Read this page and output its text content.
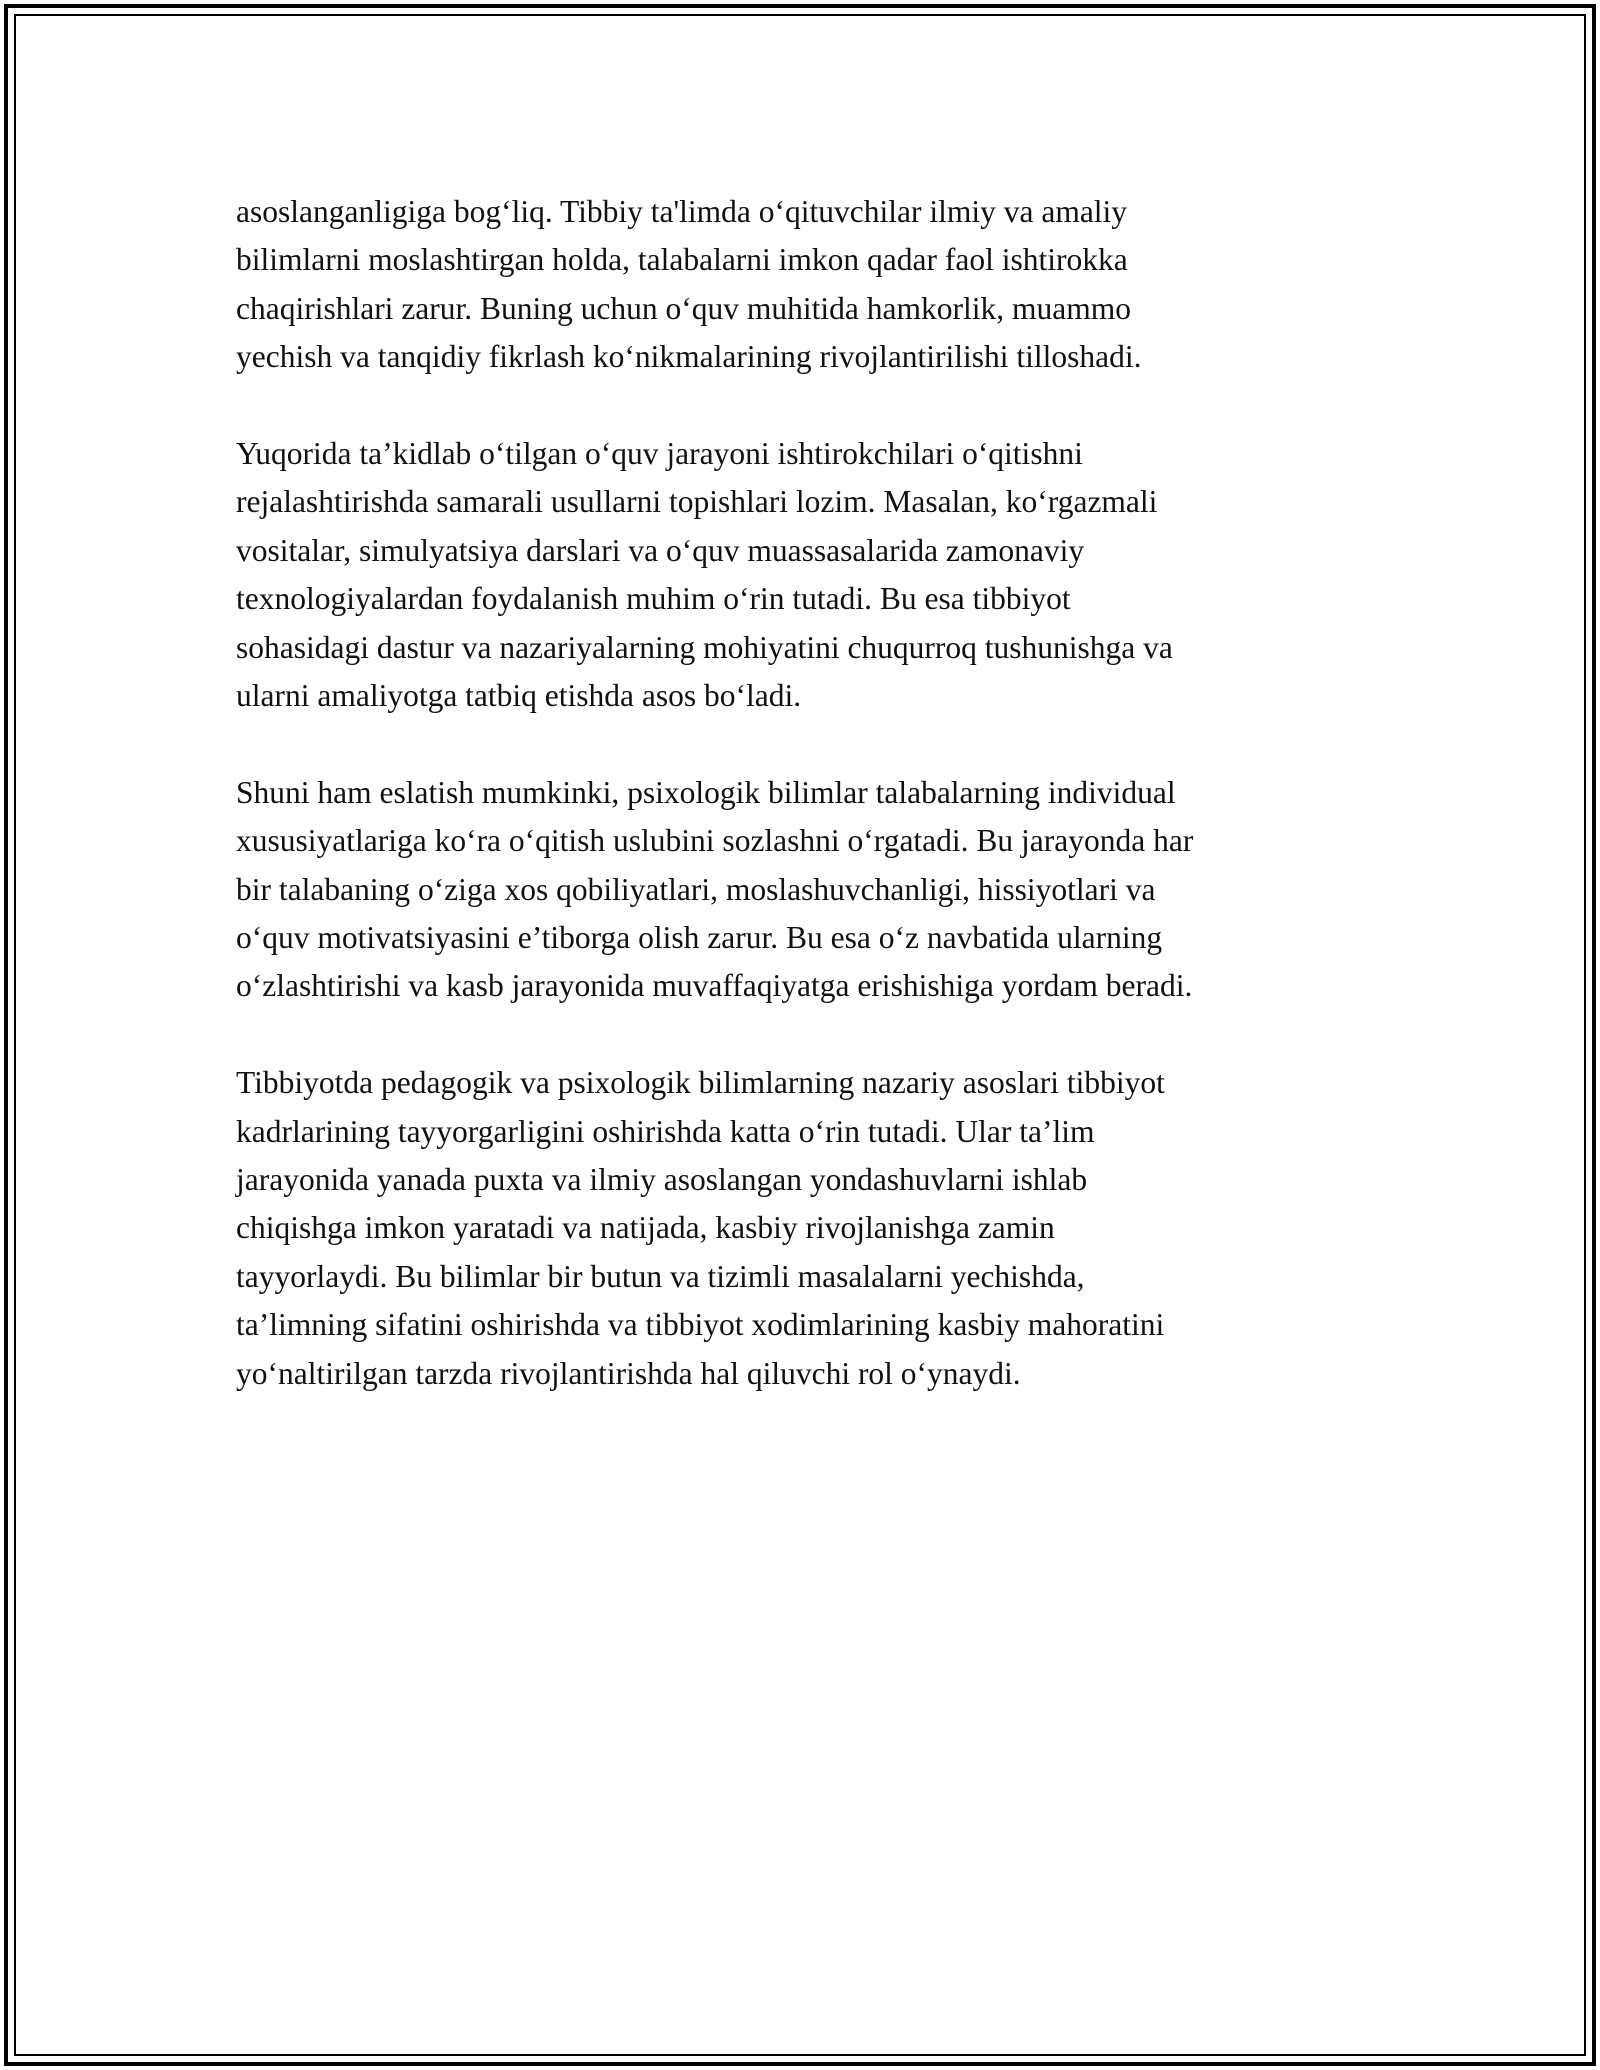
asoslanganligiga bog‘liq. Tibbiy ta'limda o‘qituvchilar ilmiy va amaliy
bilimlarni moslashtirgan holda, talabalarni imkon qadar faol ishtirokka
chaqirishlari zarur. Buning uchun o‘quv muhitida hamkorlik, muammo
yechish va tanqidiy fikrlash ko‘nikmalarining rivojlantirilishi tilloshadi.

Yuqorida ta’kidlab o‘tilgan o‘quv jarayoni ishtirokchilari o‘qitishni
rejalashtirishda samarali usullarni topishlari lozim. Masalan, ko‘rgazmali
vositalar, simulyatsiya darslari va o‘quv muassasalarida zamonaviy
texnologiyalardan foydalanish muhim o‘rin tutadi. Bu esa tibbiyot
sohasidagi dastur va nazariyalarning mohiyatini chuqurroq tushunishga va
ularni amaliyotga tatbiq etishda asos bo‘ladi.

Shuni ham eslatish mumkinki, psixologik bilimlar talabalarning individual
xususiyatlariga ko‘ra o‘qitish uslubini sozlashni o‘rgatadi. Bu jarayonda har
bir talabaning o‘ziga xos qobiliyatlari, moslashuvchanligi, hissiyotlari va
o‘quv motivatsiyasini e’tiborga olish zarur. Bu esa o‘z navbatida ularning
o‘zlashtirishi va kasb jarayonida muvaffaqiyatga erishishiga yordam beradi.

Tibbiyotda pedagogik va psixologik bilimlarning nazariy asoslari tibbiyot
kadrlarining tayyorgarligini oshirishda katta o‘rin tutadi. Ular ta’lim
jarayonida yanada puxta va ilmiy asoslangan yondashuvlarni ishlab
chiqishga imkon yaratadi va natijada, kasbiy rivojlanishga zamin
tayyorlaydi. Bu bilimlar bir butun va tizimli masalalarni yechishda,
ta’limning sifatini oshirishda va tibbiyot xodimlarining kasbiy mahoratini
yo‘naltirilgan tarzda rivojlantirishda hal qiluvchi rol o‘ynaydi.
